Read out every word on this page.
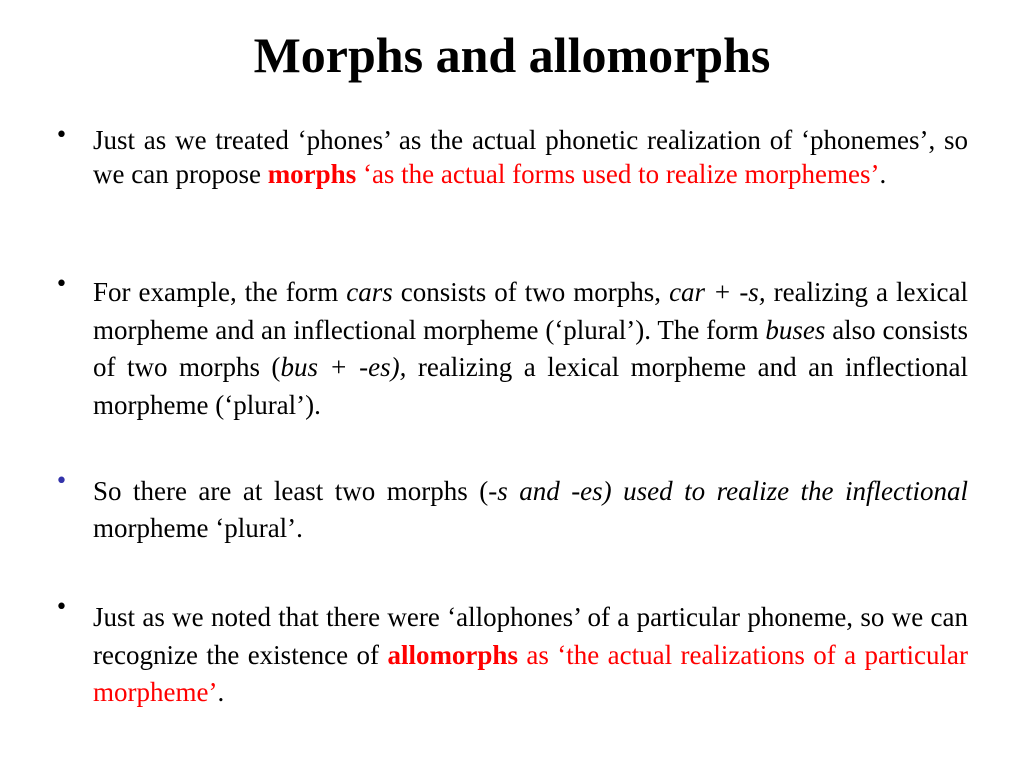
Morphs and allomorphs
• Just as we treated ‘phones’ as the actual phonetic realization of ‘phonemes’, so we can propose morphs ‘as the actual forms used to realize morphemes’.
• For example, the form cars consists of two morphs, car + -s, realizing a lexical morpheme and an inflectional morpheme (‘plural’). The form buses also consists of two morphs (bus + -es), realizing a lexical morpheme and an inflectional morpheme (‘plural’).
• So there are at least two morphs (-s and -es) used to realize the inflectional morpheme ‘plural’.
• Just as we noted that there were ‘allophones’ of a particular phoneme, so we can recognize the existence of allomorphs as ‘the actual realizations of a particular morpheme’.
